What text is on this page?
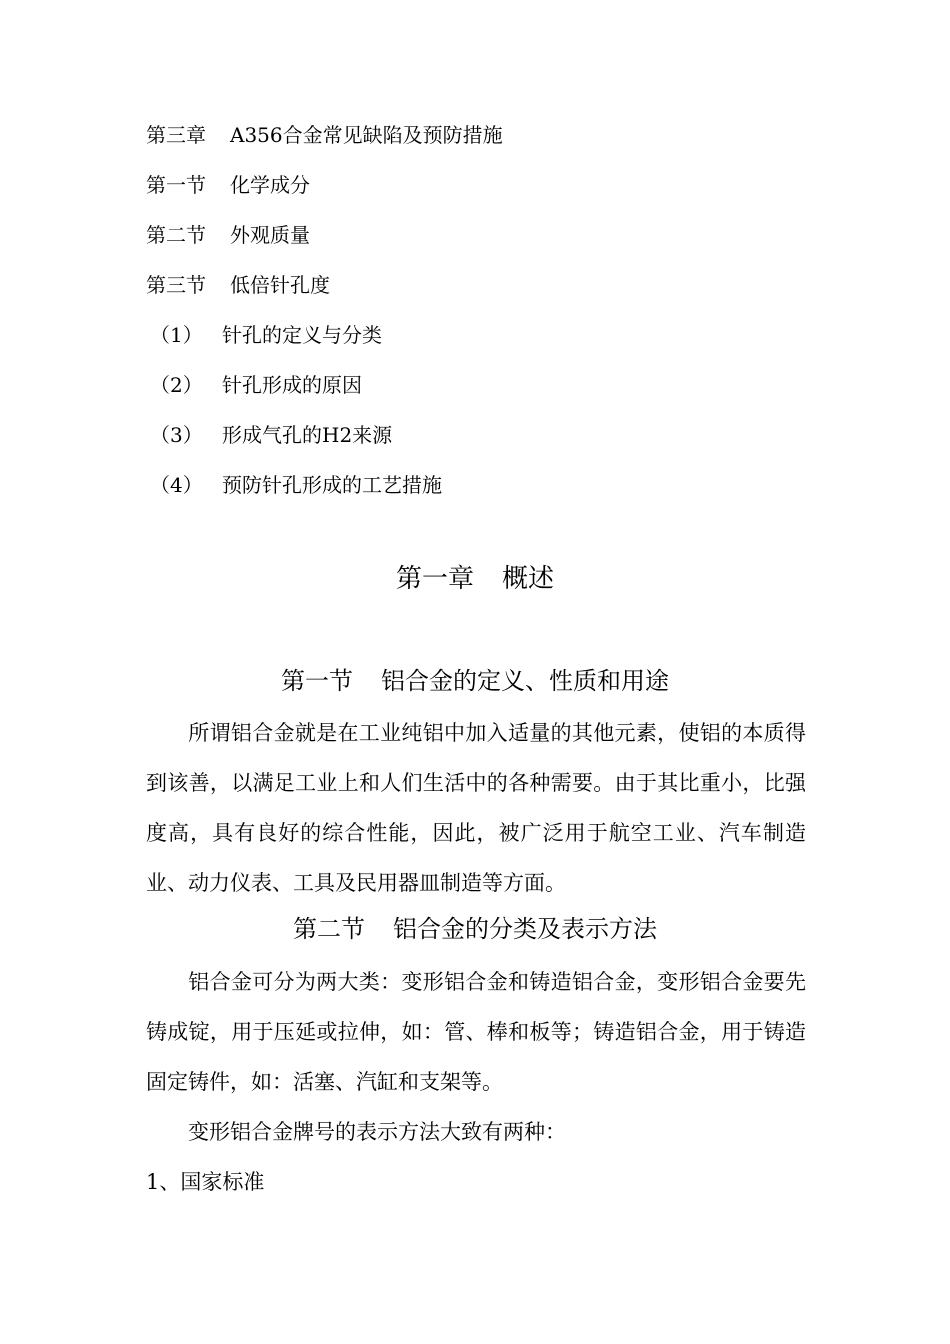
第三章 A356合金常见缺陷及预防措施
第一节 化学成分
第二节 外观质量
第三节 低倍针孔度
（1） 针孔的定义与分类
（2） 针孔形成的原因
（3） 形成气孔的H2来源
（4） 预防针孔形成的工艺措施
第一章 概述
第一节 铝合金的定义、性质和用途
所谓铝合金就是在工业纯铝中加入适量的其他元素，使铝的本质得到该善，以满足工业上和人们生活中的各种需要。由于其比重小，比强度高，具有良好的综合性能，因此，被广泛用于航空工业、汽车制造业、动力仪表、工具及民用器皿制造等方面。
第二节 铝合金的分类及表示方法
铝合金可分为两大类：变形铝合金和铸造铝合金，变形铝合金要先铸成锭，用于压延或拉伸，如：管、棒和板等；铸造铝合金，用于铸造固定铸件，如：活塞、汽缸和支架等。
变形铝合金牌号的表示方法大致有两种：
1、国家标准
